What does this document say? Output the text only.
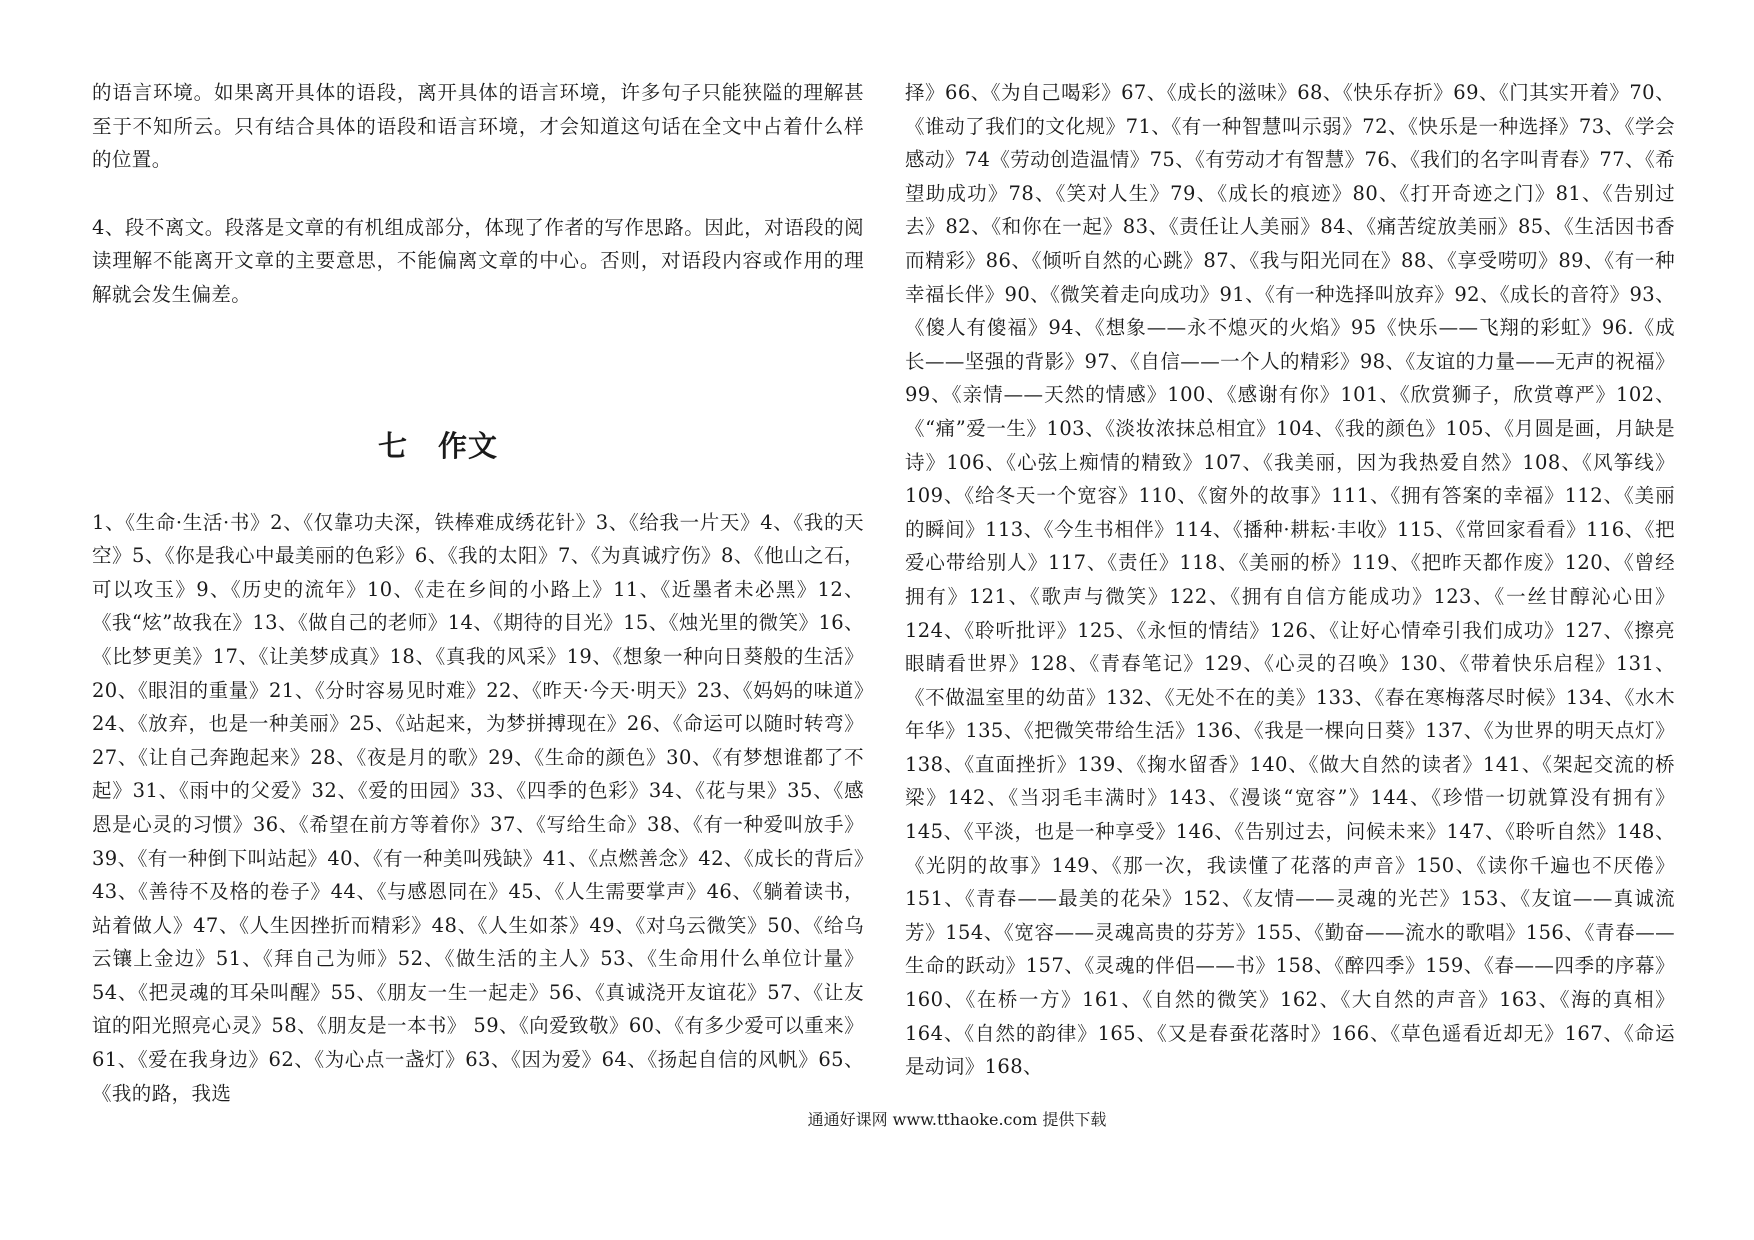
的语言环境。如果离开具体的语段，离开具体的语言环境，许多句子只能狭隘的理解甚至于不知所云。只有结合具体的语段和语言环境，才会知道这句话在全文中占着什么样的位置。

4、段不离文。段落是文章的有机组成部分，体现了作者的写作思路。因此，对语段的阅读理解不能离开文章的主要意思，不能偏离文章的中心。否则，对语段内容或作用的理解就会发生偏差。

七　作文

1、《生命·生活·书》2、《仅靠功夫深，铁棒难成绣花针》3、《给我一片天》4、《我的天空》5、《你是我心中最美丽的色彩》6、《我的太阳》7、《为真诚疗伤》8、《他山之石，可以攻玉》9、《历史的流年》10、《走在乡间的小路上》11、《近墨者未必黑》12、《我“炫”故我在》13、《做自己的老师》14、《期待的目光》15、《烛光里的微笑》16、《比梦更美》17、《让美梦成真》18、《真我的风采》19、《想象一种向日葵般的生活》20、《眼泪的重量》21、《分时容易见时难》22、《昨天·今天·明天》23、《妈妈的味道》24、《放弃，也是一种美丽》25、《站起来，为梦拼搏现在》26、《命运可以随时转弯》27、《让自己奔跑起来》28、《夜是月的歌》29、《生命的颜色》30、《有梦想谁都了不起》31、《雨中的父爱》32、《爱的田园》33、《四季的色彩》34、《花与果》35、《感恩是心灵的习惯》36、《希望在前方等着你》37、《写给生命》38、《有一种爱叫放手》39、《有一种倒下叫站起》40、《有一种美叫残缺》41、《点燃善念》42、《成长的背后》43、《善待不及格的卷子》44、《与感恩同在》45、《人生需要掌声》46、《躺着读书，站着做人》47、《人生因挫折而精彩》48、《人生如茶》49、《对乌云微笑》50、《给乌云镶上金边》51、《拜自己为师》52、《做生活的主人》53、《生命用什么单位计量》54、《把灵魂的耳朵叫醒》55、《朋友一生一起走》56、《真诚浇开友谊花》57、《让友谊的阳光照亮心灵》58、《朋友是一本书》 59、《向爱致敬》60、《有多少爱可以重来》61、《爱在我身边》62、《为心点一盏灯》63、《因为爱》64、《扬起自信的风帆》65、《我的路，我选

择》66、《为自己喝彩》67、《成长的滋味》68、《快乐存折》69、《门其实开着》70、《谁动了我们的文化规》71、《有一种智慧叫示弱》72、《快乐是一种选择》73、《学会感动》74《劳动创造温情》75、《有劳动才有智慧》76、《我们的名字叫青春》77、《希望助成功》78、《笑对人生》79、《成长的痕迹》80、《打开奇迹之门》81、《告别过去》82、《和你在一起》83、《责任让人美丽》84、《痛苦绽放美丽》85、《生活因书香而精彩》86、《倾听自然的心跳》87、《我与阳光同在》88、《享受唠叨》89、《有一种幸福长伴》90、《微笑着走向成功》91、《有一种选择叫放弃》92、《成长的音符》93、《傻人有傻福》94、《想象——永不熄灭的火焰》95《快乐——飞翔的彩虹》96.《成长——坚强的背影》97、《自信——一个人的精彩》98、《友谊的力量——无声的祝福》99、《亲情——天然的情感》100、《感谢有你》101、《欣赏狮子，欣赏尊严》102、《“痛”爱一生》103、《淡妆浓抹总相宜》104、《我的颜色》105、《月圆是画，月缺是诗》106、《心弦上痴情的精致》107、《我美丽，因为我热爱自然》108、《风筝线》109、《给冬天一个宽容》110、《窗外的故事》111、《拥有答案的幸福》112、《美丽的瞬间》113、《今生书相伴》114、《播种·耕耘·丰收》115、《常回家看看》116、《把爱心带给别人》117、《责任》118、《美丽的桥》119、《把昨天都作废》120、《曾经拥有》121、《歌声与微笑》122、《拥有自信方能成功》123、《一丝甘醇沁心田》124、《聆听批评》125、《永恒的情结》126、《让好心情牵引我们成功》127、《擦亮眼睛看世界》128、《青春笔记》129、《心灵的召唤》130、《带着快乐启程》131、《不做温室里的幼苗》132、《无处不在的美》133、《春在寒梅落尽时候》134、《水木年华》135、《把微笑带给生活》136、《我是一棵向日葵》137、《为世界的明天点灯》138、《直面挫折》139、《掬水留香》140、《做大自然的读者》141、《架起交流的桥梁》142、《当羽毛丰满时》143、《漫谈“宽容”》144、《珍惜一切就算没有拥有》145、《平淡，也是一种享受》146、《告别过去，问候未来》147、《聆听自然》148、《光阴的故事》149、《那一次，我读懂了花落的声音》150、《读你千遍也不厌倦》151、《青春——最美的花朵》152、《友情——灵魂的光芒》153、《友谊——真诚流芳》154、《宽容——灵魂高贵的芬芳》155、《勤奋——流水的歌唱》156、《青春——生命的跃动》157、《灵魂的伴侣——书》158、《醉四季》159、《春——四季的序幕》160、《在桥一方》161、《自然的微笑》162、《大自然的声音》163、《海的真相》164、《自然的韵律》165、《又是春蚕花落时》166、《草色遥看近却无》167、《命运是动词》168、

通通好课网 www.tthaoke.com 提供下载
